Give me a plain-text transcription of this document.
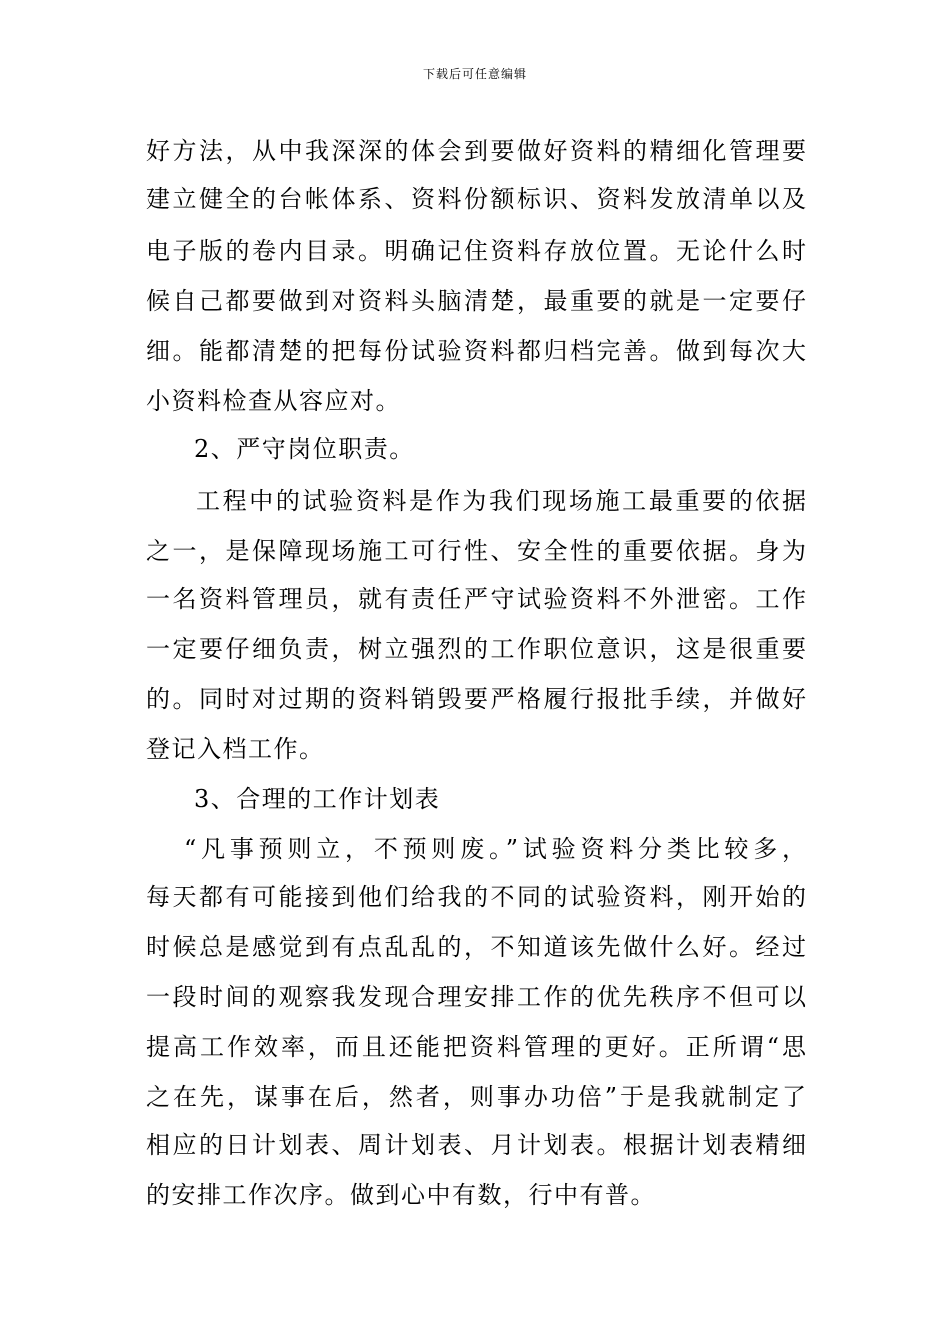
下载后可任意编辑
好方法，从中我深深的体会到要做好资料的精细化管理要
建立健全的台帐体系、资料份额标识、资料发放清单以及
电子版的卷内目录。明确记住资料存放位置。无论什么时
候自己都要做到对资料头脑清楚，最重要的就是一定要仔
细。能都清楚的把每份试验资料都归档完善。做到每次大
小资料检查从容应对。
2、严守岗位职责。
工程中的试验资料是作为我们现场施工最重要的依据
之一，是保障现场施工可行性、安全性的重要依据。身为
一名资料管理员，就有责任严守试验资料不外泄密。工作
一定要仔细负责，树立强烈的工作职位意识，这是很重要
的。同时对过期的资料销毁要严格履行报批手续，并做好
登记入档工作。
3、合理的工作计划表
“凡事预则立，不预则废。”试验资料分类比较多，
每天都有可能接到他们给我的不同的试验资料，刚开始的
时候总是感觉到有点乱乱的，不知道该先做什么好。经过
一段时间的观察我发现合理安排工作的优先秩序不但可以
提高工作效率，而且还能把资料管理的更好。正所谓“思
之在先，谋事在后，然者，则事办功倍”于是我就制定了
相应的日计划表、周计划表、月计划表。根据计划表精细
的安排工作次序。做到心中有数，行中有普。
